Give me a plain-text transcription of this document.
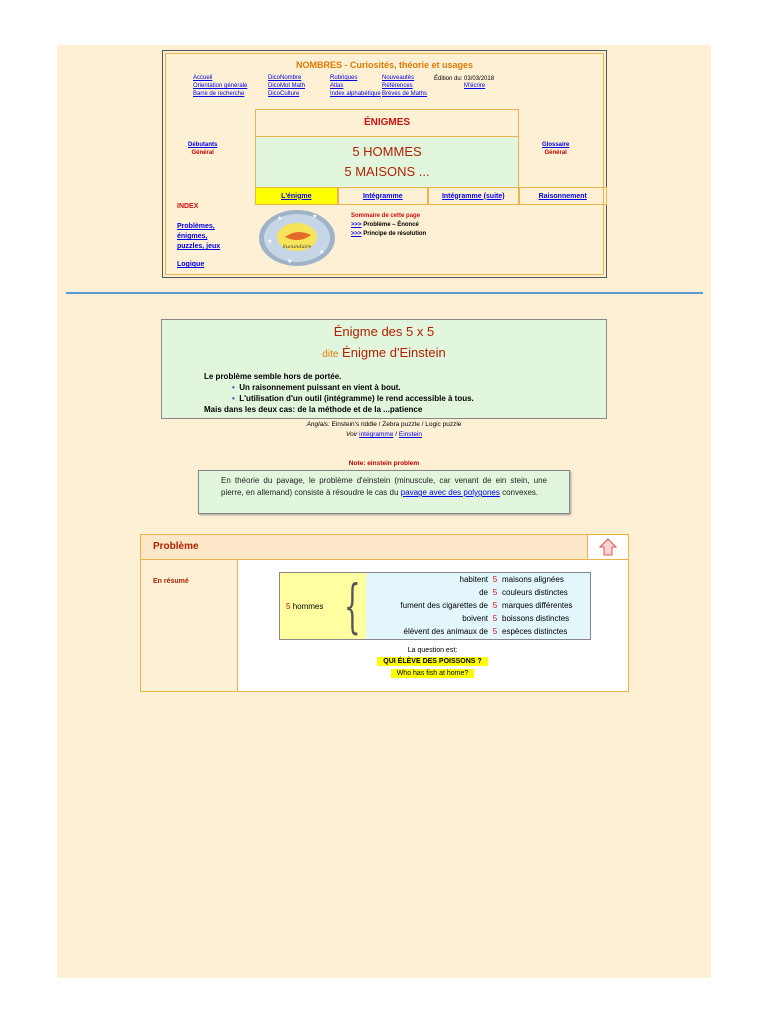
NOMBRES - Curiosités, théorie et usages
Accueil
Orientation générale
Barre de recherche
DicoNombre
DicoMot Math
DicoCulture
Rubriques
Atlas
Index alphabétique
Nouveautés
Références
Brèves de Maths
Édition du: 03/03/2018
M'écrire
ÉNIGMES
5 HOMMES
5 MAISONS ...
Débutants
Général
Glossaire
Général
L'énigme	Intégramme	Intégramme (suite)	Raisonnement
INDEX
Problèmes,
énigmes,
puzzles, jeux
Logique
Sucundaire
★	★
★
★
★
Sommaire de cette page
>>> Problème – Énoncé
>>> Principe de résolution
Énigme des 5 x 5
dite Énigme d'Einstein
Le problème semble hors de portée.
• Un raisonnement puissant en vient à bout.
• L'utilisation d'un outil (intégramme) le rend accessible à tous.
Mais dans les deux cas: de la méthode et de la ...patience
Anglais: Einstein's riddle / Zebra puzzle / Logic puzzle
Voir intégramme / Einstein
Note: einstein problem
En théorie du pavage, le problème d'einstein (minuscule, car venant de ein stein, une pierre, en allemand) consiste à résoudre le cas du pavage avec des polygones convexes.
Problème
En résumé
5 hommes {	habitent 5 maisons alignées
de 5 couleurs distinctes
fument des cigarettes de 5 marques différentes
boivent 5 boissons distinctes
élèvent des animaux de 5 espèces distinctes
La question est:
QUI ÉLÈVE DES POISSONS ?
Who has fish at home?
